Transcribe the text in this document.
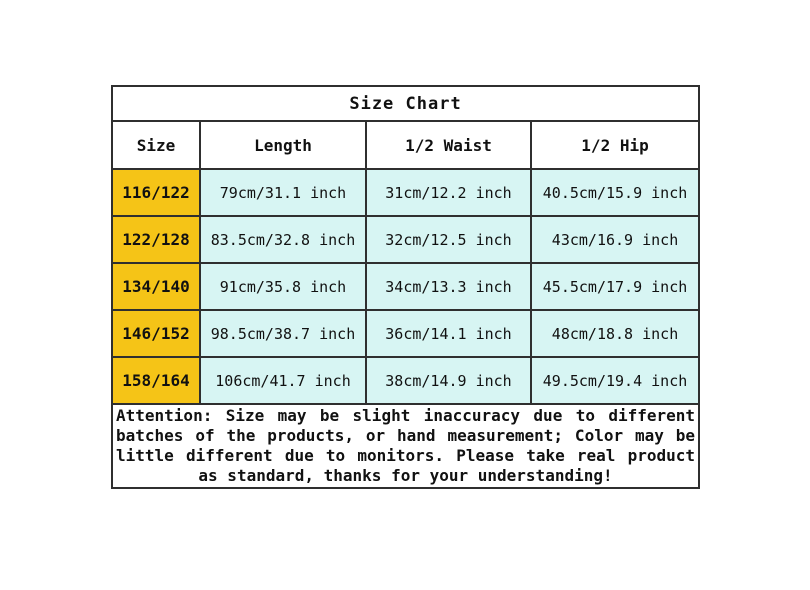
Size Chart			
Size	Length	1/2 Waist	1/2 Hip
116/122	79cm/31.1 inch	31cm/12.2 inch	40.5cm/15.9 inch
122/128	83.5cm/32.8 inch	32cm/12.5 inch	43cm/16.9 inch
134/140	91cm/35.8 inch	34cm/13.3 inch	45.5cm/17.9 inch
146/152	98.5cm/38.7 inch	36cm/14.1 inch	48cm/18.8 inch
158/164	106cm/41.7 inch	38cm/14.9 inch	49.5cm/19.4 inch

Attention: Size may be slight inaccuracy due to different
batches of the products, or hand measurement; Color may be
little different due to monitors. Please take real product
as standard, thanks for your understanding!			
